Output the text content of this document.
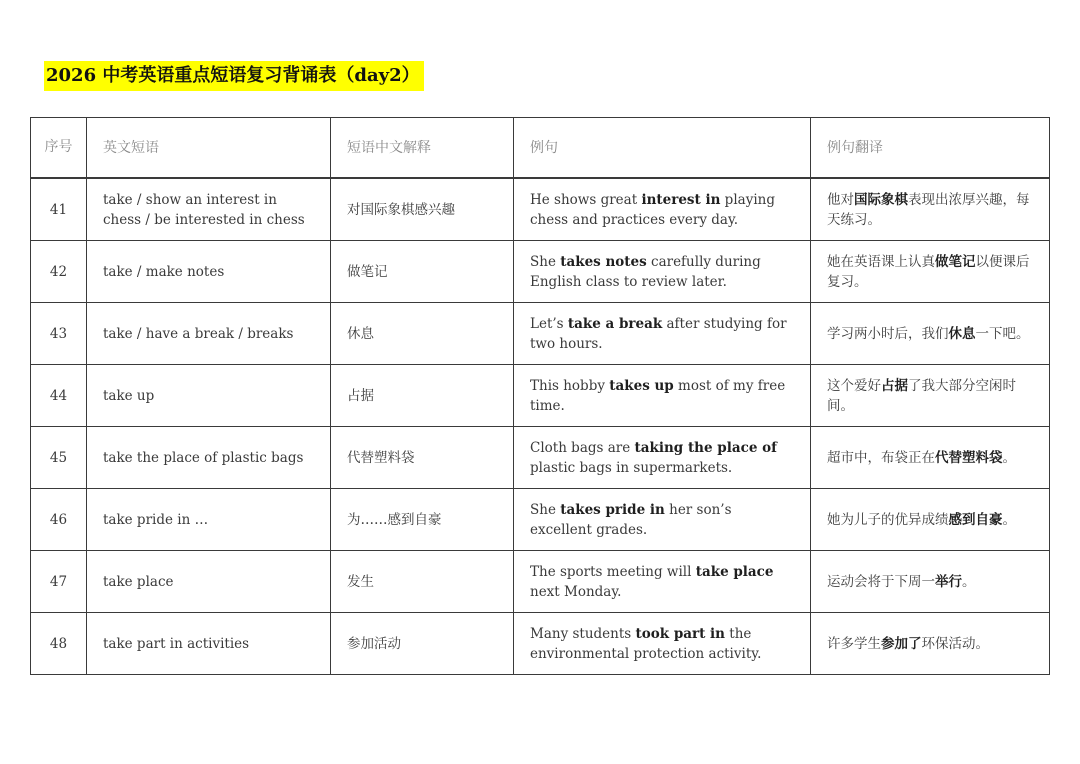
2026 中考英语重点短语复习背诵表（day2）
序号	英文短语	短语中文解释	例句	例句翻译
41	take / show an interest in chess / be interested in chess	对国际象棋感兴趣	He shows great interest in playing chess and practices every day.	他对国际象棋表现出浓厚兴趣，每天练习。
42	take / make notes	做笔记	She takes notes carefully during English class to review later.	她在英语课上认真做笔记以便课后复习。
43	take / have a break / breaks	休息	Let’s take a break after studying for two hours.	学习两小时后，我们休息一下吧。
44	take up	占据	This hobby takes up most of my free time.	这个爱好占据了我大部分空闲时间。
45	take the place of plastic bags	代替塑料袋	Cloth bags are taking the place of plastic bags in supermarkets.	超市中，布袋正在代替塑料袋。
46	take pride in …	为……感到自豪	She takes pride in her son’s excellent grades.	她为儿子的优异成绩感到自豪。
47	take place	发生	The sports meeting will take place next Monday.	运动会将于下周一举行。
48	take part in activities	参加活动	Many students took part in the environmental protection activity.	许多学生参加了环保活动。
